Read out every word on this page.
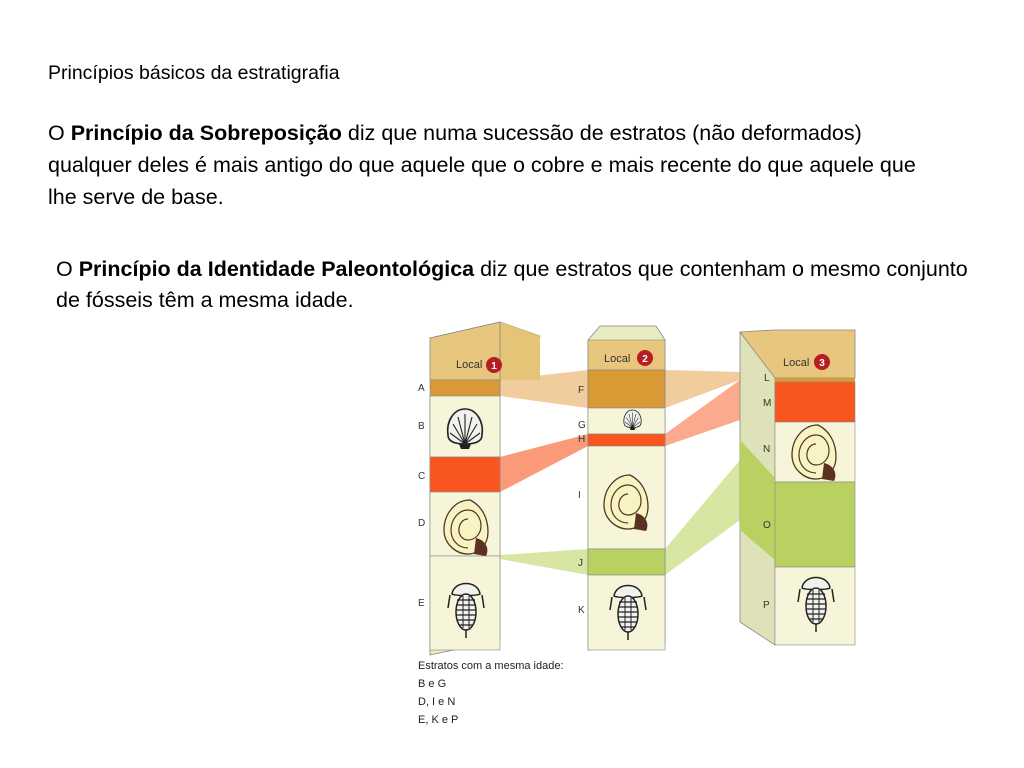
Princípios básicos da estratigrafia
O Princípio da Sobreposição diz que numa sucessão de estratos (não deformados) qualquer deles é mais antigo do que aquele que o cobre e mais recente do que aquele que lhe serve de base.
O Princípio da Identidade Paleontológica diz que estratos que contenham o mesmo conjunto de fósseis têm a mesma idade.
Local 1
A
B
C
D
E
Local 2
F
G
H
I
J
K
Local 3
L
M
N
O
P
Estratos com a mesma idade:
B e G
D, I e N
E, K e P
